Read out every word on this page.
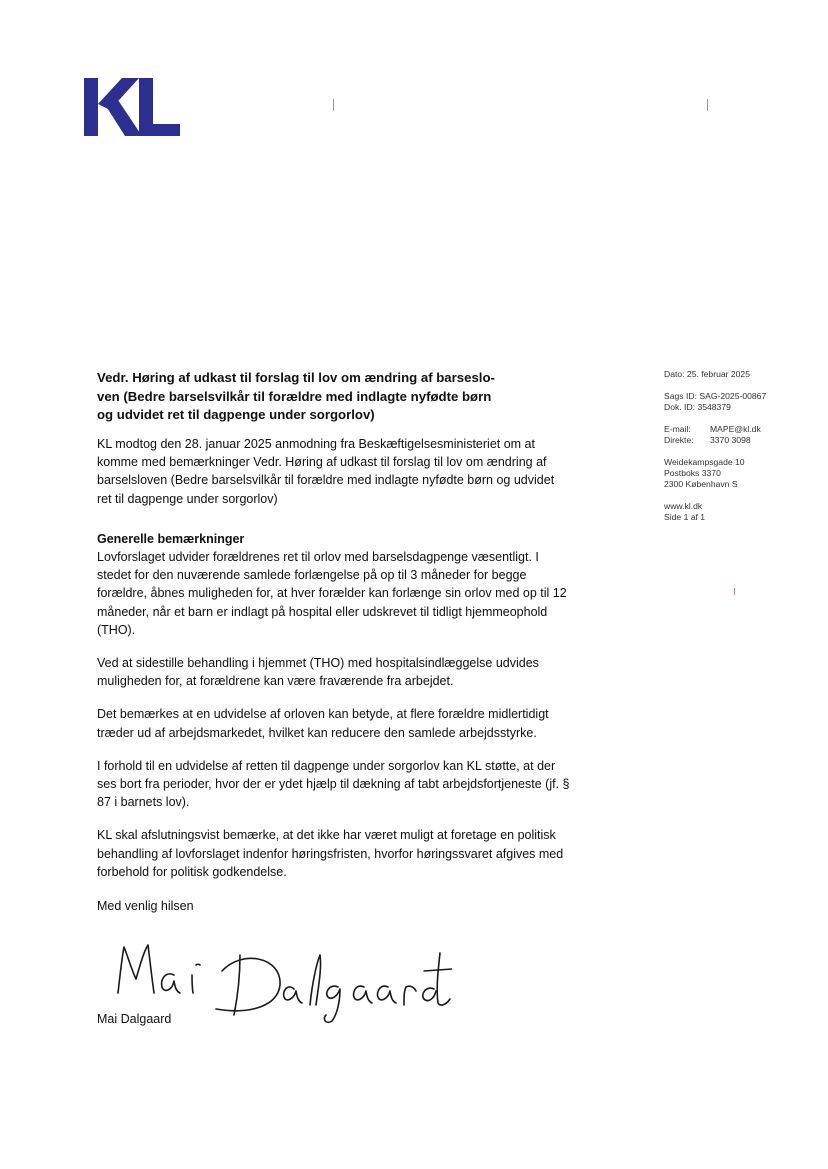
Dato: 25. februar 2025
Sags ID: SAG-2025-00867
Dok. ID: 3548379
E-mail: MAPE@kl.dk
Direkte: 3370 3098
Weidekampsgade 10
Postboks 3370
2300 København S
www.kl.dk
Side 1 af 1
Vedr. Høring af udkast til forslag til lov om ændring af barseslo-
ven (Bedre barselsvilkår til forældre med indlagte nyfødte børn
og udvidet ret til dagpenge under sorgorlov)

KL modtog den 28. januar 2025 anmodning fra Beskæftigelsesministeriet om at komme med bemærkninger Vedr. Høring af udkast til forslag til lov om ændring af barselsloven (Bedre barselsvilkår til forældre med indlagte nyfødte børn og udvidet ret til dagpenge under sorgorlov)

Generelle bemærkninger

Lovforslaget udvider forældrenes ret til orlov med barselsdagpenge væsentligt. I stedet for den nuværende samlede forlængelse på op til 3 måneder for begge forældre, åbnes muligheden for, at hver forælder kan forlænge sin orlov med op til 12 måneder, når et barn er indlagt på hospital eller udskrevet til tidligt hjemmeophold (THO).

Ved at sidestille behandling i hjemmet (THO) med hospitalsindlæggelse udvides muligheden for, at forældrene kan være fraværende fra arbejdet.

Det bemærkes at en udvidelse af orloven kan betyde, at flere forældre midlertidigt træder ud af arbejdsmarkedet, hvilket kan reducere den samlede arbejdsstyrke.

I forhold til en udvidelse af retten til dagpenge under sorgorlov kan KL støtte, at der ses bort fra perioder, hvor der er ydet hjælp til dækning af tabt arbejdsfortjeneste (jf. § 87 i barnets lov).

KL skal afslutningsvist bemærke, at det ikke har været muligt at foretage en politisk behandling af lovforslaget indenfor høringsfristen, hvorfor høringssvaret afgives med forbehold for politisk godkendelse.

Med venlig hilsen
Mai Dalgaard
